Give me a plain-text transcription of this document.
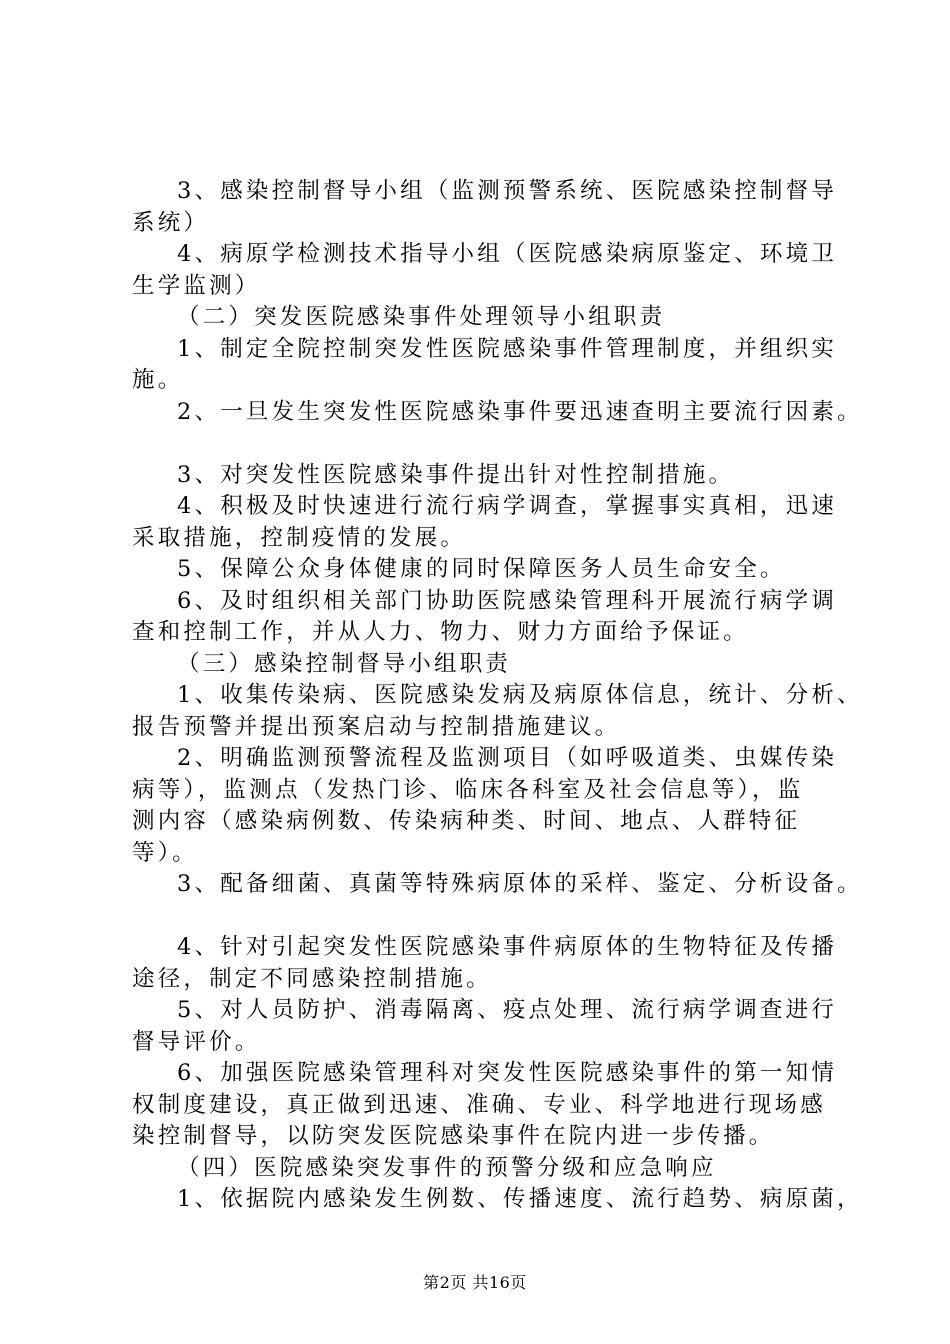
3、感染控制督导小组（监测预警系统、医院感染控制督导
系统）
4、病原学检测技术指导小组（医院感染病原鉴定、环境卫
生学监测）
（二）突发医院感染事件处理领导小组职责
1、制定全院控制突发性医院感染事件管理制度，并组织实
施。
2、一旦发生突发性医院感染事件要迅速查明主要流行因素。
3、对突发性医院感染事件提出针对性控制措施。
4、积极及时快速进行流行病学调查，掌握事实真相，迅速
采取措施，控制疫情的发展。
5、保障公众身体健康的同时保障医务人员生命安全。
6、及时组织相关部门协助医院感染管理科开展流行病学调
查和控制工作，并从人力、物力、财力方面给予保证。
（三）感染控制督导小组职责
1、收集传染病、医院感染发病及病原体信息，统计、分析、
报告预警并提出预案启动与控制措施建议。
2、明确监测预警流程及监测项目（如呼吸道类、虫媒传染
病等），监测点（发热门诊、临床各科室及社会信息等），监
测内容（感染病例数、传染病种类、时间、地点、人群特征
等）。
3、配备细菌、真菌等特殊病原体的采样、鉴定、分析设备。
4、针对引起突发性医院感染事件病原体的生物特征及传播
途径，制定不同感染控制措施。
5、对人员防护、消毒隔离、疫点处理、流行病学调查进行
督导评价。
6、加强医院感染管理科对突发性医院感染事件的第一知情
权制度建设，真正做到迅速、准确、专业、科学地进行现场感
染控制督导，以防突发医院感染事件在院内进一步传播。
（四）医院感染突发事件的预警分级和应急响应
1、依据院内感染发生例数、传播速度、流行趋势、病原菌，
第2页 共16页
